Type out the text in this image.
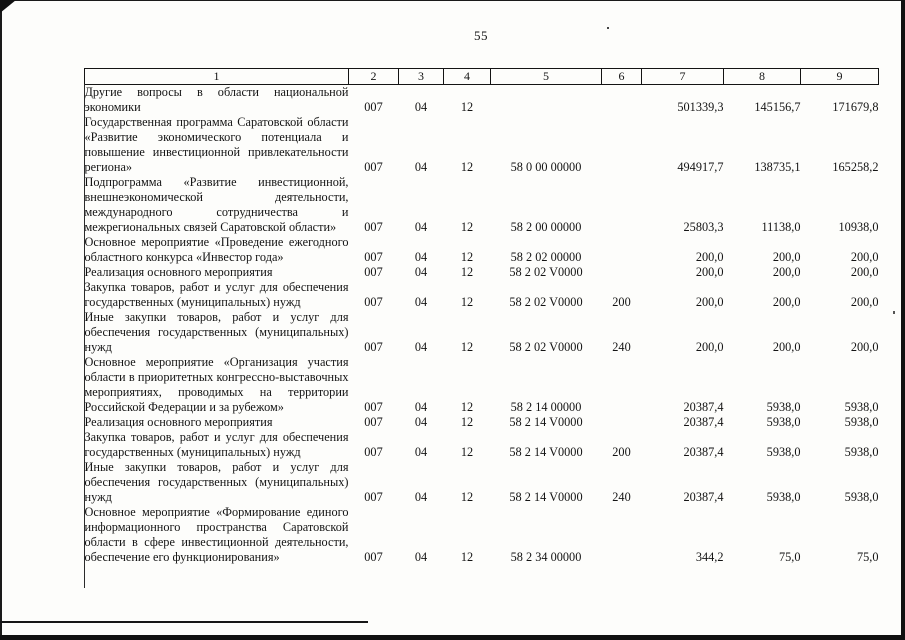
55
1	2	3	4	5	6	7	8	9
Другие вопросы в области национальной экономики	007	04	12			501339,3	145156,7	171679,8
Государственная программа Саратовской области «Развитие экономического потенциала и повышение инвестиционной привлекательности региона»	007	04	12	58 0 00 00000		494917,7	138735,1	165258,2
Подпрограмма «Развитие инвестиционной, внешнеэкономической деятельности, международного сотрудничества и межрегиональных связей Саратовской области»	007	04	12	58 2 00 00000		25803,3	11138,0	10938,0
Основное мероприятие «Проведение ежегодного областного конкурса «Инвестор года»	007	04	12	58 2 02 00000		200,0	200,0	200,0
Реализация основного мероприятия	007	04	12	58 2 02 V0000		200,0	200,0	200,0
Закупка товаров, работ и услуг для обеспечения государственных (муниципальных) нужд	007	04	12	58 2 02 V0000	200	200,0	200,0	200,0
Иные закупки товаров, работ и услуг для обеспечения государственных (муниципальных) нужд	007	04	12	58 2 02 V0000	240	200,0	200,0	200,0
Основное мероприятие «Организация участия области в приоритетных конгрессно-выставочных мероприятиях, проводимых на территории Российской Федерации и за рубежом»	007	04	12	58 2 14 00000		20387,4	5938,0	5938,0
Реализация основного мероприятия	007	04	12	58 2 14 V0000		20387,4	5938,0	5938,0
Закупка товаров, работ и услуг для обеспечения государственных (муниципальных) нужд	007	04	12	58 2 14 V0000	200	20387,4	5938,0	5938,0
Иные закупки товаров, работ и услуг для обеспечения государственных (муниципальных) нужд	007	04	12	58 2 14 V0000	240	20387,4	5938,0	5938,0
Основное мероприятие «Формирование единого информационного пространства Саратовской области в сфере инвестиционной деятельности, обеспечение его функционирования»	007	04	12	58 2 34 00000		344,2	75,0	75,0
